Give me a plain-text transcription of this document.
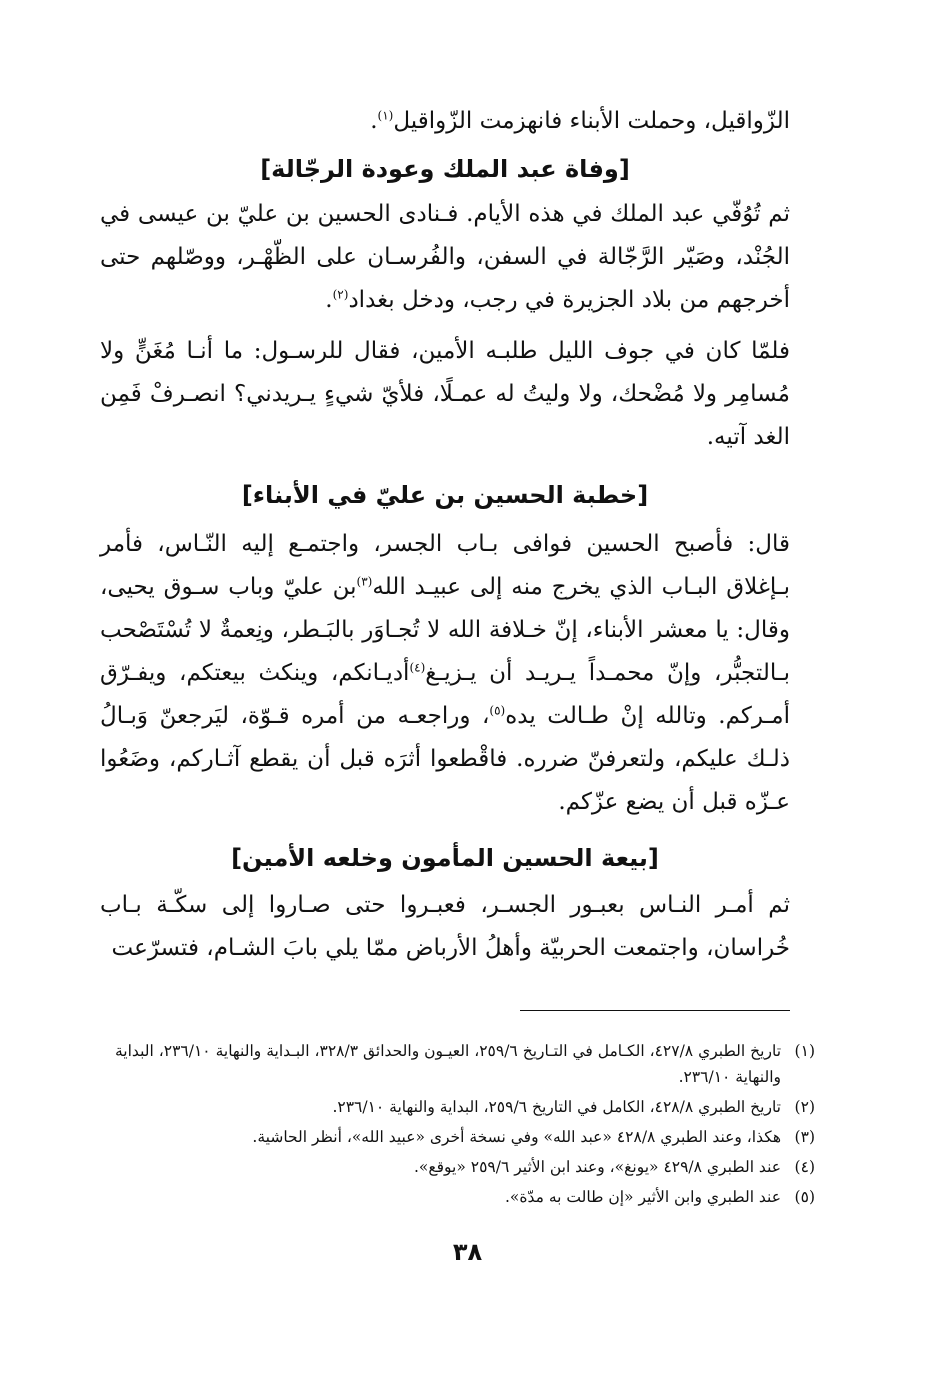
الزّواقيل، وحملت الأبناء فانهزمت الزّواقيل$^{(١)}$.

[وفاة عبد الملك وعودة الرجّالة]

ثم تُوُفّي عبد الملك في هذه الأيام. فـنادى الحسين بن عليّ بن عيسى في الجُنْد، وصَيّر الرَّجّالة في السفن، والفُرسـان على الظّهْـر، ووصّلهم حتى أخرجهم من بلاد الجزيرة في رجب، ودخل بغداد$^{(٢)}$.

فلمّا كان في جوف الليل طلبـه الأمين، فقال للرسـول: ما أنـا مُغَنٍّ ولا مُسامِر ولا مُضْحك، ولا وليتُ له عمـلًا، فلأيّ شيءٍ يـريدني؟ انصـرفْ فَمِن الغد آتيه.

[خطبة الحسين بن عليّ في الأبناء]

قال: فأصبح الحسين فوافى بـاب الجسر، واجتمـع إليه النّـاس، فأمر بـإغلاق البـاب الذي يخرج منه إلى عبيـد الله$^{(٣)}$بن عليّ وباب سـوق يحيى، وقال: يا معشر الأبناء، إنّ خـلافة الله لا تُجـاوَر بالبَـطر، ونِعمةٌ لا تُسْتَصْحب بـالتجبُّر، وإنّ محمـداً يـريـد أن يـزيـغ$^{(٤)}$أديـانكم، وينكث بيعتكم، ويفـرّق أمـركم. وتالله إنْ طـالت يده$^{(٥)}$، وراجعـه من أمره قـوّة، ليَرجعنّ وَبـالُ ذلـك عليكم، ولتعرفنّ ضرره. فاقْطعوا أثرَه قبل أن يقطع آثـاركم، وضَعُوا عـزّه قبل أن يضع عزّكم.

[بيعة الحسين المأمون وخلعه الأمين]

ثم أمـر النـاس بعبـور الجسـر، فعبـروا حتى صـاروا إلى سكّـة بـاب خُراسان، واجتمعت الحربيّة وأهلُ الأرباض ممّا يلي بابَ الشـام، فتسرّعت

(١)
تاريخ الطبري ٤٢٧/٨، الكـامل في التـاريخ ٢٥٩/٦، العيـون والحدائق ٣٢٨/٣، البـداية والنهاية ٢٣٦/١٠، البداية والنهاية ٢٣٦/١٠.

(٢)
تاريخ الطبري ٤٢٨/٨، الكامل في التاريخ ٢٥٩/٦، البداية والنهاية ٢٣٦/١٠.

(٣)
هكذا، وعند الطبري ٤٢٨/٨ «عبد الله» وفي نسخة أخرى «عبيد الله»، أنظر الحاشية.

(٤)
عند الطبري ٤٢٩/٨ «يونغ»، وعند ابن الأثير ٢٥٩/٦ «يوقع».

(٥)
عند الطبري وابن الأثير «إن طالت به مدّة».

٣٨
